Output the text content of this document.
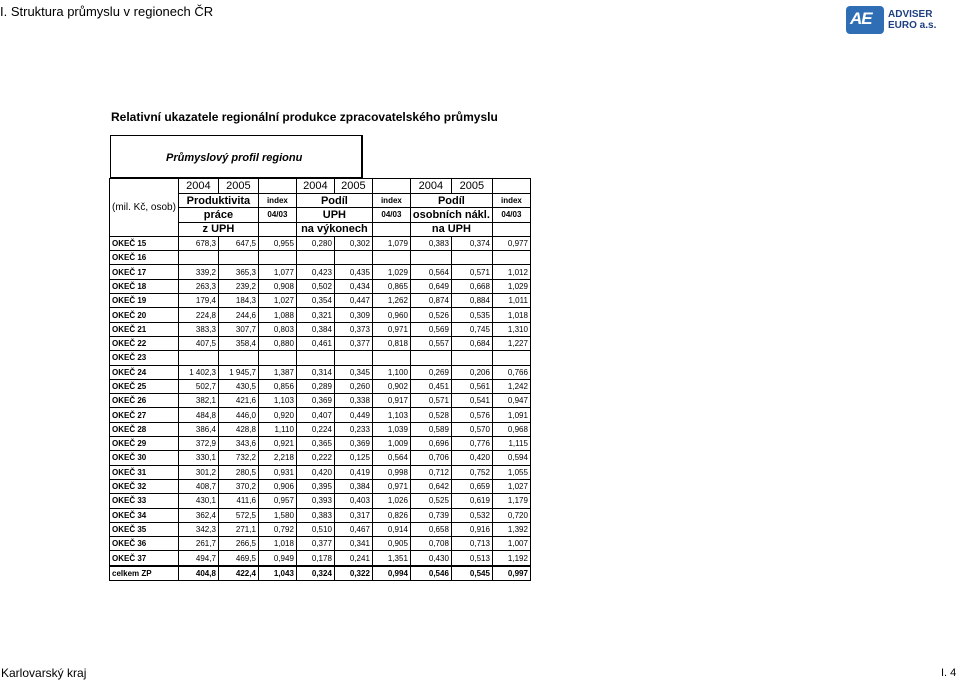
I. Struktura průmyslu v regionech ČR	AE ADVISER
EURO a.s.
Relativní ukazatele regionální produkce zpracovatelského průmyslu
Průmyslový profil regionu
(mil. Kč, osob)	2004	2005		2004	2005		2004	2005	
	Produktivita		index	Podíl		index	Podíl		index
	práce		04/03	UPH		04/03	osobních nákl.		04/03
	z UPH			na výkonech			na UPH		
OKEČ 15	678,3	647,5	0,955	0,280	0,302	1,079	0,383	0,374	0,977
OKEČ 16									
OKEČ 17	339,2	365,3	1,077	0,423	0,435	1,029	0,564	0,571	1,012
OKEČ 18	263,3	239,2	0,908	0,502	0,434	0,865	0,649	0,668	1,029
OKEČ 19	179,4	184,3	1,027	0,354	0,447	1,262	0,874	0,884	1,011
OKEČ 20	224,8	244,6	1,088	0,321	0,309	0,960	0,526	0,535	1,018
OKEČ 21	383,3	307,7	0,803	0,384	0,373	0,971	0,569	0,745	1,310
OKEČ 22	407,5	358,4	0,880	0,461	0,377	0,818	0,557	0,684	1,227
OKEČ 23									
OKEČ 24	1 402,3	1 945,7	1,387	0,314	0,345	1,100	0,269	0,206	0,766
OKEČ 25	502,7	430,5	0,856	0,289	0,260	0,902	0,451	0,561	1,242
OKEČ 26	382,1	421,6	1,103	0,369	0,338	0,917	0,571	0,541	0,947
OKEČ 27	484,8	446,0	0,920	0,407	0,449	1,103	0,528	0,576	1,091
OKEČ 28	386,4	428,8	1,110	0,224	0,233	1,039	0,589	0,570	0,968
OKEČ 29	372,9	343,6	0,921	0,365	0,369	1,009	0,696	0,776	1,115
OKEČ 30	330,1	732,2	2,218	0,222	0,125	0,564	0,706	0,420	0,594
OKEČ 31	301,2	280,5	0,931	0,420	0,419	0,998	0,712	0,752	1,055
OKEČ 32	408,7	370,2	0,906	0,395	0,384	0,971	0,642	0,659	1,027
OKEČ 33	430,1	411,6	0,957	0,393	0,403	1,026	0,525	0,619	1,179
OKEČ 34	362,4	572,5	1,580	0,383	0,317	0,826	0,739	0,532	0,720
OKEČ 35	342,3	271,1	0,792	0,510	0,467	0,914	0,658	0,916	1,392
OKEČ 36	261,7	266,5	1,018	0,377	0,341	0,905	0,708	0,713	1,007
OKEČ 37	494,7	469,5	0,949	0,178	0,241	1,351	0,430	0,513	1,192
celkem ZP	404,8	422,4	1,043	0,324	0,322	0,994	0,546	0,545	0,997
Karlovarský kraj	I. 4
